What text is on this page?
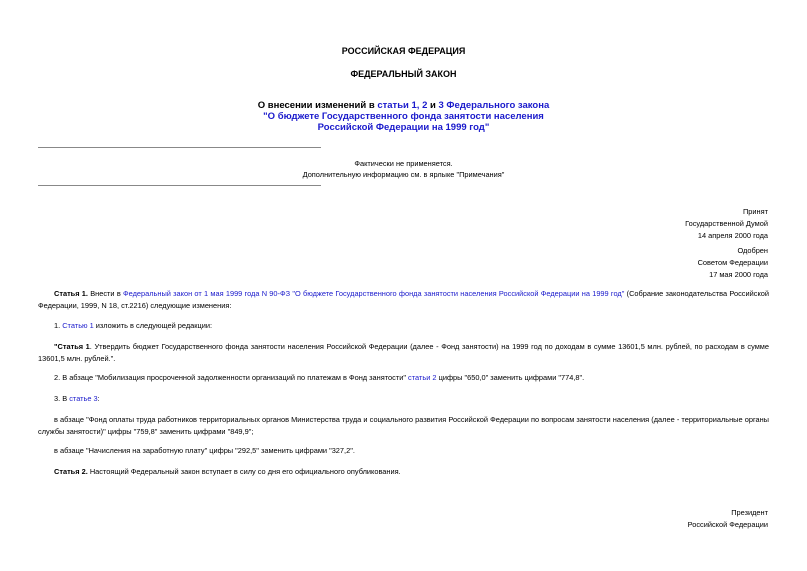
РОССИЙСКАЯ ФЕДЕРАЦИЯ
ФЕДЕРАЛЬНЫЙ ЗАКОН
О внесении изменений в статьи 1, 2 и 3 Федерального закона
"О бюджете Государственного фонда занятости населения
Российской Федерации на 1999 год"
Фактически не применяется.
Дополнительную информацию см. в ярлыке "Примечания"
Принят
Государственной Думой
14 апреля 2000 года
Одобрен
Советом Федерации
17 мая 2000 года
Статья 1. Внести в Федеральный закон от 1 мая 1999 года N 90-ФЗ "О бюджете Государственного фонда занятости населения Российской Федерации на 1999 год" (Собрание законодательства Российской Федерации, 1999, N 18, ст.2216) следующие изменения:
1. Статью 1 изложить в следующей редакции:
"Статья 1. Утвердить бюджет Государственного фонда занятости населения Российской Федерации (далее - Фонд занятости) на 1999 год по доходам в сумме 13601,5 млн. рублей, по расходам в сумме 13601,5 млн. рублей.".
2. В абзаце "Мобилизация просроченной задолженности организаций по платежам в Фонд занятости" статьи 2 цифры "650,0" заменить цифрами "774,8".
3. В статье 3:
в абзаце "Фонд оплаты труда работников территориальных органов Министерства труда и социального развития Российской Федерации по вопросам занятости населения (далее - территориальные органы службы занятости)" цифры "759,8" заменить цифрами "849,9";
в абзаце "Начисления на заработную плату" цифры "292,5" заменить цифрами "327,2".
Статья 2. Настоящий Федеральный закон вступает в силу со дня его официального опубликования.
Президент
Российской Федерации
